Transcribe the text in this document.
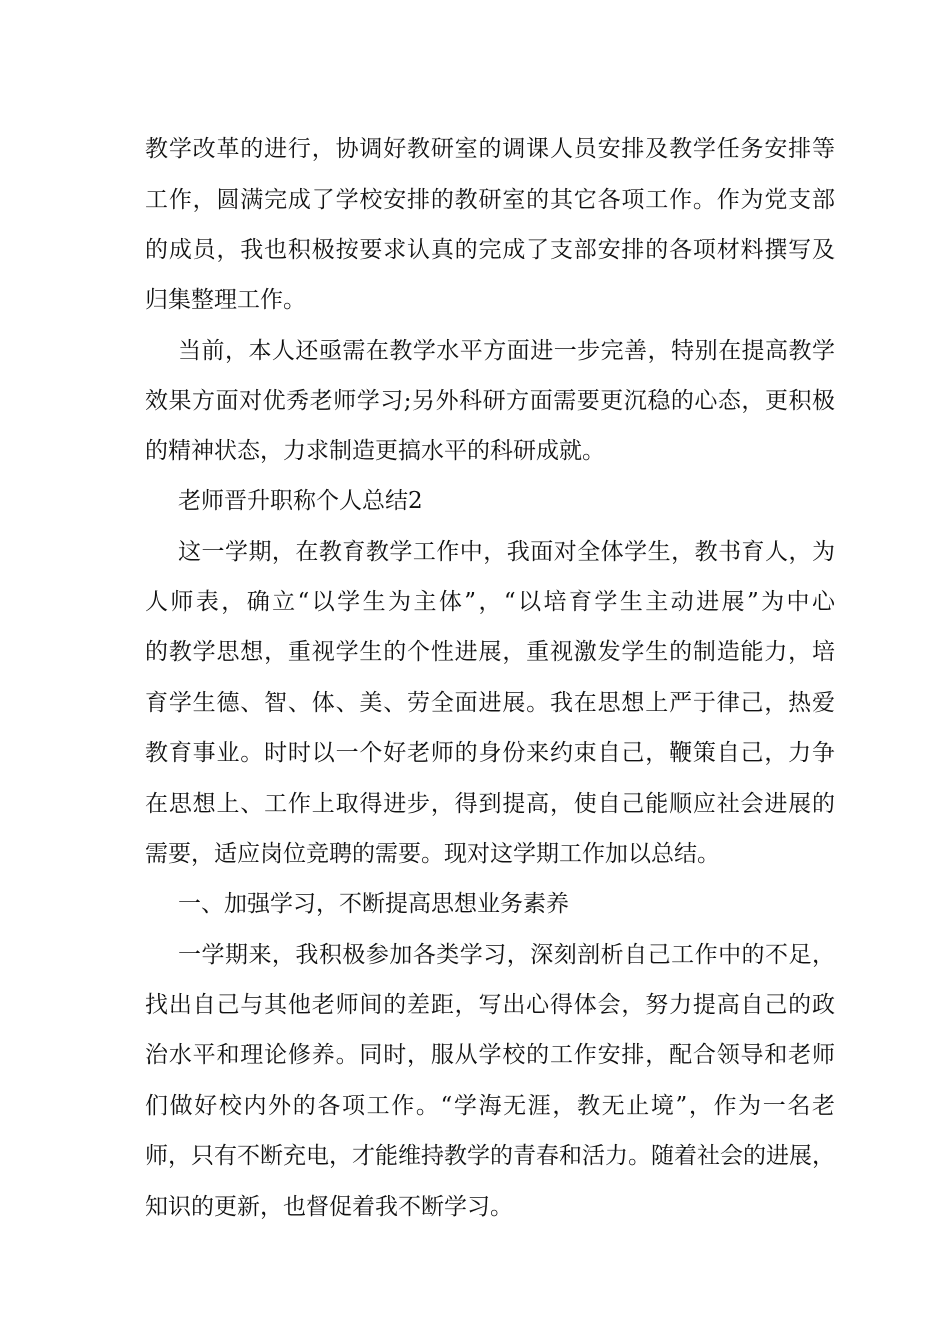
教学改革的进行，协调好教研室的调课人员安排及教学任务安排等
工作，圆满完成了学校安排的教研室的其它各项工作。作为党支部
的成员，我也积极按要求认真的完成了支部安排的各项材料撰写及
归集整理工作。
当前，本人还亟需在教学水平方面进一步完善，特别在提高教学
效果方面对优秀老师学习;另外科研方面需要更沉稳的心态，更积极
的精神状态，力求制造更搞水平的科研成就。
老师晋升职称个人总结2
这一学期，在教育教学工作中，我面对全体学生，教书育人，为
人师表，确立“以学生为主体”，“以培育学生主动进展”为中心
的教学思想，重视学生的个性进展，重视激发学生的制造能力，培
育学生德、智、体、美、劳全面进展。我在思想上严于律己，热爱
教育事业。时时以一个好老师的身份来约束自己，鞭策自己，力争
在思想上、工作上取得进步，得到提高，使自己能顺应社会进展的
需要，适应岗位竞聘的需要。现对这学期工作加以总结。
一、加强学习，不断提高思想业务素养
一学期来，我积极参加各类学习，深刻剖析自己工作中的不足，
找出自己与其他老师间的差距，写出心得体会，努力提高自己的政
治水平和理论修养。同时，服从学校的工作安排，配合领导和老师
们做好校内外的各项工作。“学海无涯，教无止境”，作为一名老
师，只有不断充电，才能维持教学的青春和活力。随着社会的进展，
知识的更新，也督促着我不断学习。
